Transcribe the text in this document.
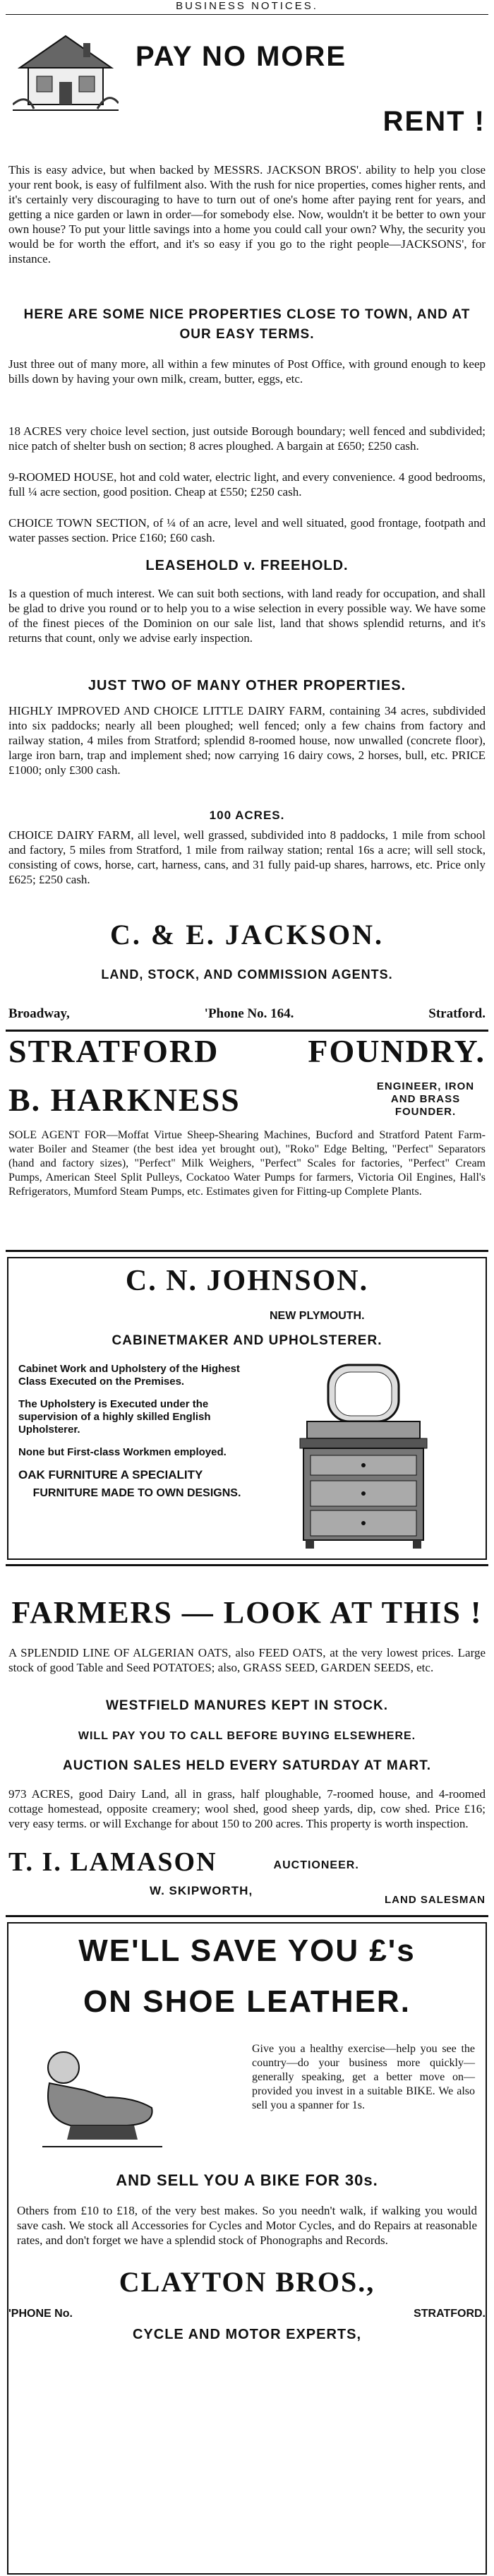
BUSINESS NOTICES.
PAY NO MORE
RENT !
This is easy advice, but when backed by MESSRS. JACKSON BROS'. ability to help you close your rent book, is easy of fulfilment also. With the rush for nice properties, comes higher rents, and it's certainly very discouraging to have to turn out of one's home after paying rent for years, and getting a nice garden or lawn in order—for somebody else. Now, wouldn't it be better to own your own house? To put your little savings into a home you could call your own? Why, the security you would be for worth the effort, and it's so easy if you go to the right people—JACKSONS', for instance.
HERE ARE SOME NICE PROPERTIES CLOSE TO TOWN, AND AT OUR EASY TERMS.
Just three out of many more, all within a few minutes of Post Office, with ground enough to keep bills down by having your own milk, cream, butter, eggs, etc.
18 ACRES very choice level section, just outside Borough boundary; well fenced and subdivided; nice patch of shelter bush on section; 8 acres ploughed. A bargain at £650; £250 cash.
9-ROOMED HOUSE, hot and cold water, electric light, and every convenience. 4 good bedrooms, full ¼ acre section, good position. Cheap at £550; £250 cash.
CHOICE TOWN SECTION, of ¼ of an acre, level and well situated, good frontage, footpath and water passes section. Price £160; £60 cash.
LEASEHOLD v. FREEHOLD.
Is a question of much interest. We can suit both sections, with land ready for occupation, and shall be glad to drive you round or to help you to a wise selection in every possible way. We have some of the finest pieces of the Dominion on our sale list, land that shows splendid returns, and it's returns that count, only we advise early inspection.
JUST TWO OF MANY OTHER PROPERTIES.
HIGHLY IMPROVED AND CHOICE LITTLE DAIRY FARM, containing 34 acres, subdivided into six paddocks; nearly all been ploughed; well fenced; only a few chains from factory and railway station, 4 miles from Stratford; splendid 8-roomed house, now unwalled (concrete floor), large iron barn, trap and implement shed; now carrying 16 dairy cows, 2 horses, bull, etc. PRICE £1000; only £300 cash.
100 ACRES.
CHOICE DAIRY FARM, all level, well grassed, subdivided into 8 paddocks, 1 mile from school and factory, 5 miles from Stratford, 1 mile from railway station; rental 16s a acre; will sell stock, consisting of cows, horse, cart, harness, cans, and 31 fully paid-up shares, harrows, etc. Price only £625; £250 cash.
C. & E. JACKSON.
LAND, STOCK, AND COMMISSION AGENTS.
Broadway,	'Phone No. 164.	Stratford.
STRATFORD	FOUNDRY.
B. HARKNESS	ENGINEER, IRON AND BRASS FOUNDER.
SOLE AGENT FOR—Moffat Virtue Sheep-Shearing Machines, Bucford and Stratford Patent Farm-water Boiler and Steamer (the best idea yet brought out), "Roko" Edge Belting, "Perfect" Separators (hand and factory sizes), "Perfect" Milk Weighers, "Perfect" Scales for factories, "Perfect" Cream Pumps, American Steel Split Pulleys, Cockatoo Water Pumps for farmers, Victoria Oil Engines, Hall's Refrigerators, Mumford Steam Pumps, etc. Estimates given for Fitting-up Complete Plants.
C. N. JOHNSON.
NEW PLYMOUTH.
CABINETMAKER AND UPHOLSTERER.
Cabinet Work and Upholstery of the Highest Class Executed on the Premises.
The Upholstery is Executed under the supervision of a highly skilled English Upholsterer.
None but First-class Workmen employed.
OAK FURNITURE A SPECIALITY
FURNITURE MADE TO OWN DESIGNS.
FARMERS — LOOK AT THIS !
A SPLENDID LINE OF ALGERIAN OATS, also FEED OATS, at the very lowest prices. Large stock of good Table and Seed POTATOES; also, GRASS SEED, GARDEN SEEDS, etc.
WESTFIELD MANURES KEPT IN STOCK.
WILL PAY YOU TO CALL BEFORE BUYING ELSEWHERE.
AUCTION SALES HELD EVERY SATURDAY AT MART.
973 ACRES, good Dairy Land, all in grass, half ploughable, 7-roomed house, and 4-roomed cottage homestead, opposite creamery; wool shed, good sheep yards, dip, cow shed. Price £16; very easy terms. or will Exchange for about 150 to 200 acres. This property is worth inspection.
T. I. LAMASON	AUCTIONEER.
W. SKIPWORTH,
LAND SALESMAN
WE'LL SAVE YOU £'s
ON SHOE LEATHER.
Give you a healthy exercise—help you see the country—do your business more quickly—generally speaking, get a better move on—provided you invest in a suitable BIKE. We also sell you a spanner for 1s.
AND SELL YOU A BIKE FOR 30s.
Others from £10 to £18, of the very best makes. So you needn't walk, if walking you would save cash. We stock all Accessories for Cycles and Motor Cycles, and do Repairs at reasonable rates, and don't forget we have a splendid stock of Phonographs and Records.
CLAYTON BROS.,
'PHONE No.	STRATFORD.
CYCLE AND MOTOR EXPERTS,
